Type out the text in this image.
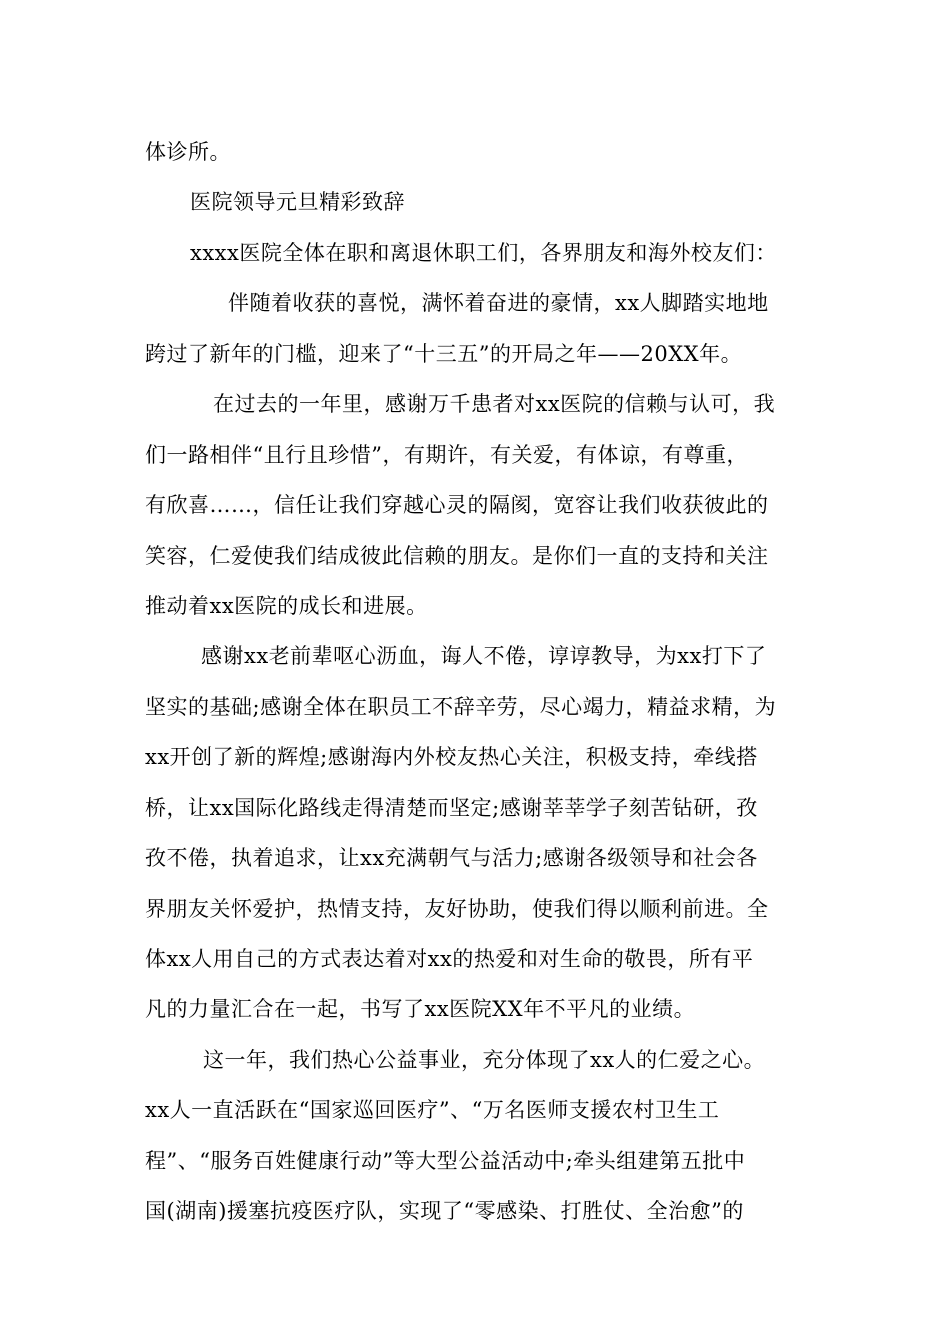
体诊所。
医院领导元旦精彩致辞
xxxx医院全体在职和离退休职工们，各界朋友和海外校友们：
伴随着收获的喜悦，满怀着奋进的豪情，xx人脚踏实地地
跨过了新年的门槛，迎来了“十三五”的开局之年——20XX年。
在过去的一年里，感谢万千患者对xx医院的信赖与认可，我
们一路相伴“且行且珍惜”，有期许，有关爱，有体谅，有尊重，
有欣喜……，信任让我们穿越心灵的隔阂，宽容让我们收获彼此的
笑容，仁爱使我们结成彼此信赖的朋友。是你们一直的支持和关注
推动着xx医院的成长和进展。
感谢xx老前辈呕心沥血，诲人不倦，谆谆教导，为xx打下了
坚实的基础;感谢全体在职员工不辞辛劳，尽心竭力，精益求精，为
xx开创了新的辉煌;感谢海内外校友热心关注，积极支持，牵线搭
桥，让xx国际化路线走得清楚而坚定;感谢莘莘学子刻苦钻研，孜
孜不倦，执着追求，让xx充满朝气与活力;感谢各级领导和社会各
界朋友关怀爱护，热情支持，友好协助，使我们得以顺利前进。全
体xx人用自己的方式表达着对xx的热爱和对生命的敬畏，所有平
凡的力量汇合在一起，书写了xx医院XX年不平凡的业绩。
这一年，我们热心公益事业，充分体现了xx人的仁爱之心。
xx人一直活跃在“国家巡回医疗”、“万名医师支援农村卫生工
程”、“服务百姓健康行动”等大型公益活动中;牵头组建第五批中
国(湖南)援塞抗疫医疗队，实现了“零感染、打胜仗、全治愈”的
